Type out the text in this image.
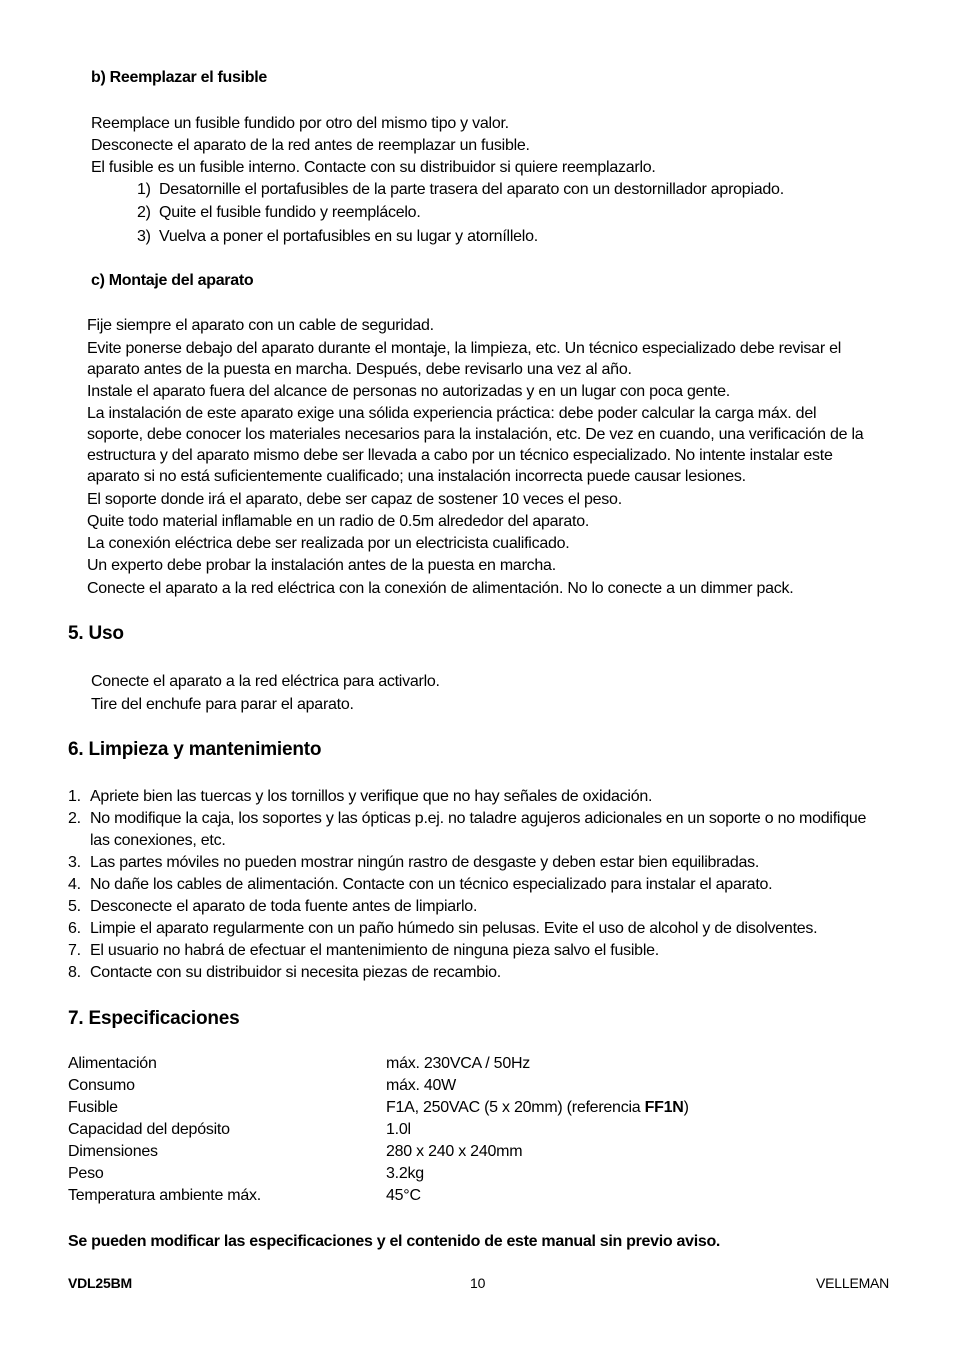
b) Reemplazar el fusible
Reemplace un fusible fundido por otro del mismo tipo y valor.
Desconecte el aparato de la red antes de reemplazar un fusible.
El fusible es un fusible interno. Contacte con su distribuidor si quiere reemplazarlo.
1) Desatornille el portafusibles de la parte trasera del aparato con un destornillador apropiado.
2) Quite el fusible fundido y reemplácelo.
3) Vuelva a poner el portafusibles en su lugar y atorníllelo.
c) Montaje del aparato
Fije siempre el aparato con un cable de seguridad.
Evite ponerse debajo del aparato durante el montaje, la limpieza, etc. Un técnico especializado debe revisar el
aparato antes de la puesta en marcha. Después, debe revisarlo una vez al año.
Instale el aparato fuera del alcance de personas no autorizadas y en un lugar con poca gente.
La instalación de este aparato exige una sólida experiencia práctica: debe poder calcular la carga máx. del
soporte, debe conocer los materiales necesarios para la instalación, etc. De vez en cuando, una verificación de la
estructura y del aparato mismo debe ser llevada a cabo por un técnico especializado. No intente instalar este
aparato si no está suficientemente cualificado; una instalación incorrecta puede causar lesiones.
El soporte donde irá el aparato, debe ser capaz de sostener 10 veces el peso.
Quite todo material inflamable en un radio de 0.5m alrededor del aparato.
La conexión eléctrica debe ser realizada por un electricista cualificado.
Un experto debe probar la instalación antes de la puesta en marcha.
Conecte el aparato a la red eléctrica con la conexión de alimentación. No lo conecte a un dimmer pack.
5. Uso
Conecte el aparato a la red eléctrica para activarlo.
Tire del enchufe para parar el aparato.
6. Limpieza y mantenimiento
1. Apriete bien las tuercas y los tornillos y verifique que no hay señales de oxidación.
2. No modifique la caja, los soportes y las ópticas p.ej. no taladre agujeros adicionales en un soporte o no modifique
las conexiones, etc.
3. Las partes móviles no pueden mostrar ningún rastro de desgaste y deben estar bien equilibradas.
4. No dañe los cables de alimentación. Contacte con un técnico especializado para instalar el aparato.
5. Desconecte el aparato de toda fuente antes de limpiarlo.
6. Limpie el aparato regularmente con un paño húmedo sin pelusas. Evite el uso de alcohol y de disolventes.
7. El usuario no habrá de efectuar el mantenimiento de ninguna pieza salvo el fusible.
8. Contacte con su distribuidor si necesita piezas de recambio.
7. Especificaciones
Alimentación	máx. 230VCA / 50Hz
Consumo	máx. 40W
Fusible	F1A, 250VAC (5 x 20mm) (referencia FF1N)
Capacidad del depósito	1.0l
Dimensiones	280 x 240 x 240mm
Peso	3.2kg
Temperatura ambiente máx.	45°C
Se pueden modificar las especificaciones y el contenido de este manual sin previo aviso.
VDL25BM	10	VELLEMAN
